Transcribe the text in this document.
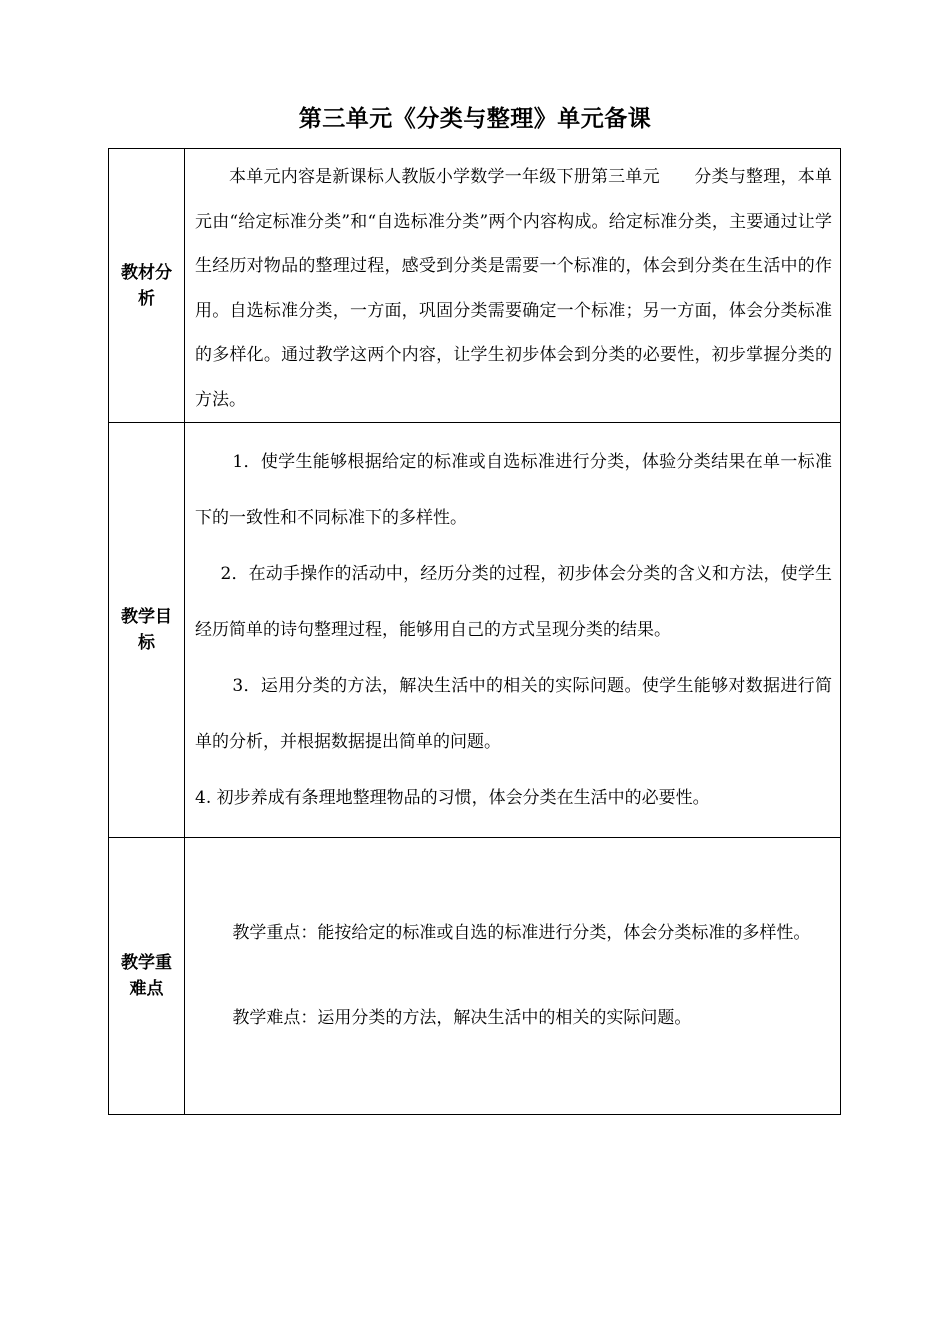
第三单元《分类与整理》单元备课
教材分析	本单元内容是新课标人教版小学数学一年级下册第三单元　　分类与整理，本单元由“给定标准分类”和“自选标准分类”两个内容构成。给定标准分类，主要通过让学生经历对物品的整理过程，感受到分类是需要一个标准的，体会到分类在生活中的作用。自选标准分类，一方面，巩固分类需要确定一个标准；另一方面，体会分类标准的多样化。通过教学这两个内容，让学生初步体会到分类的必要性，初步掌握分类的方法。

教学目标	1．使学生能够根据给定的标准或自选标准进行分类，体验分类结果在单一标准下的一致性和不同标准下的多样性。

2．在动手操作的活动中，经历分类的过程，初步体会分类的含义和方法，使学生经历简单的诗句整理过程，能够用自己的方式呈现分类的结果。

3．运用分类的方法，解决生活中的相关的实际问题。使学生能够对数据进行简单的分析，并根据数据提出简单的问题。

4. 初步养成有条理地整理物品的习惯，体会分类在生活中的必要性。

教学重难点	教学重点：能按给定的标准或自选的标准进行分类，体会分类标准的多样性。

教学难点：运用分类的方法，解决生活中的相关的实际问题。
